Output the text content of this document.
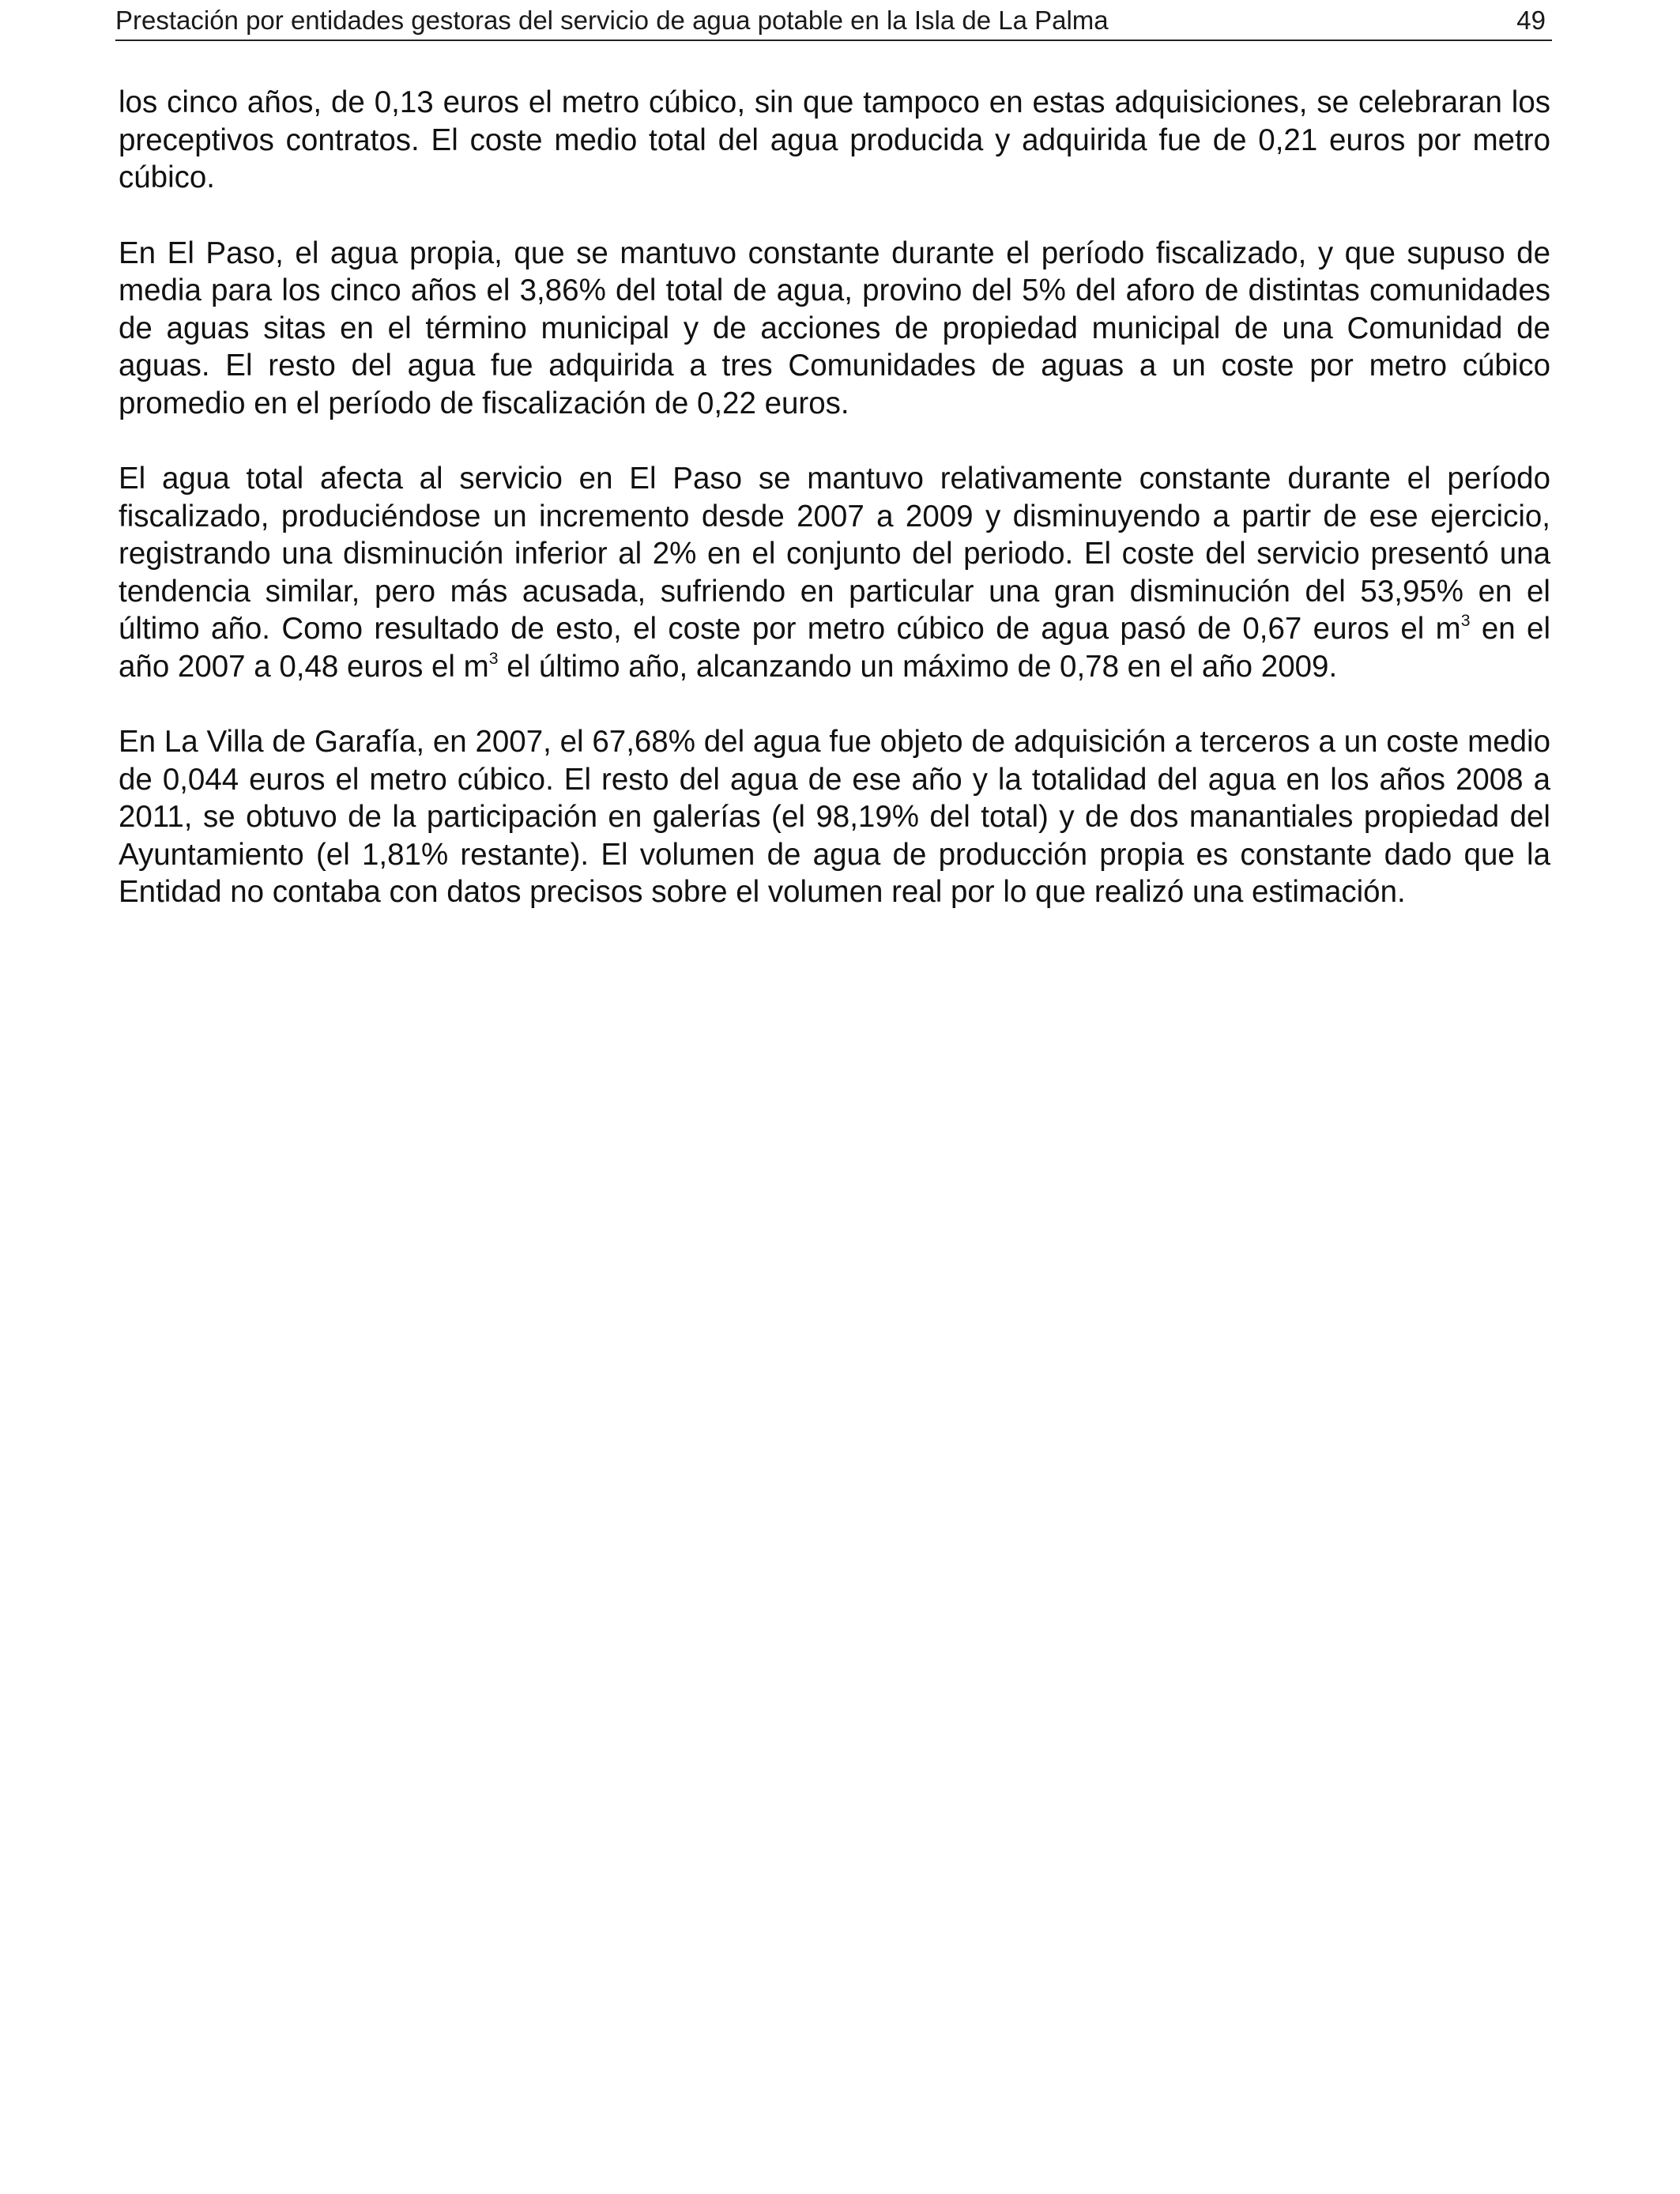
Prestación por entidades gestoras del servicio de agua potable en la Isla de La Palma	49

los cinco años, de 0,13 euros el metro cúbico, sin que tampoco en estas adquisiciones, se celebraran los preceptivos contratos. El coste medio total del agua producida y adquirida fue de 0,21 euros por metro cúbico.

En El Paso, el agua propia, que se mantuvo constante durante el período fiscalizado, y que supuso de media para los cinco años el 3,86% del total de agua, provino del 5% del aforo de distintas comunidades de aguas sitas en el término municipal y de acciones de propiedad municipal de una Comunidad de aguas. El resto del agua fue adquirida a tres Comunidades de aguas a un coste por metro cúbico promedio en el período de fiscalización de 0,22 euros.

El agua total afecta al servicio en El Paso se mantuvo relativamente constante durante el período fiscalizado, produciéndose un incremento desde 2007 a 2009 y disminuyendo a partir de ese ejercicio, registrando una disminución inferior al 2% en el conjunto del periodo. El coste del servicio presentó una tendencia similar, pero más acusada, sufriendo en particular una gran disminución del 53,95% en el último año. Como resultado de esto, el coste por metro cúbico de agua pasó de 0,67 euros el $m^3$ en el año 2007 a 0,48 euros el $m^3$ el último año, alcanzando un máximo de 0,78 en el año 2009.

En La Villa de Garafía, en 2007, el 67,68% del agua fue objeto de adquisición a terceros a un coste medio de 0,044 euros el metro cúbico. El resto del agua de ese año y la totalidad del agua en los años 2008 a 2011, se obtuvo de la participación en galerías (el 98,19% del total) y de dos manantiales propiedad del Ayuntamiento (el 1,81% restante). El volumen de agua de producción propia es constante dado que la Entidad no contaba con datos precisos sobre el volumen real por lo que realizó una estimación.
